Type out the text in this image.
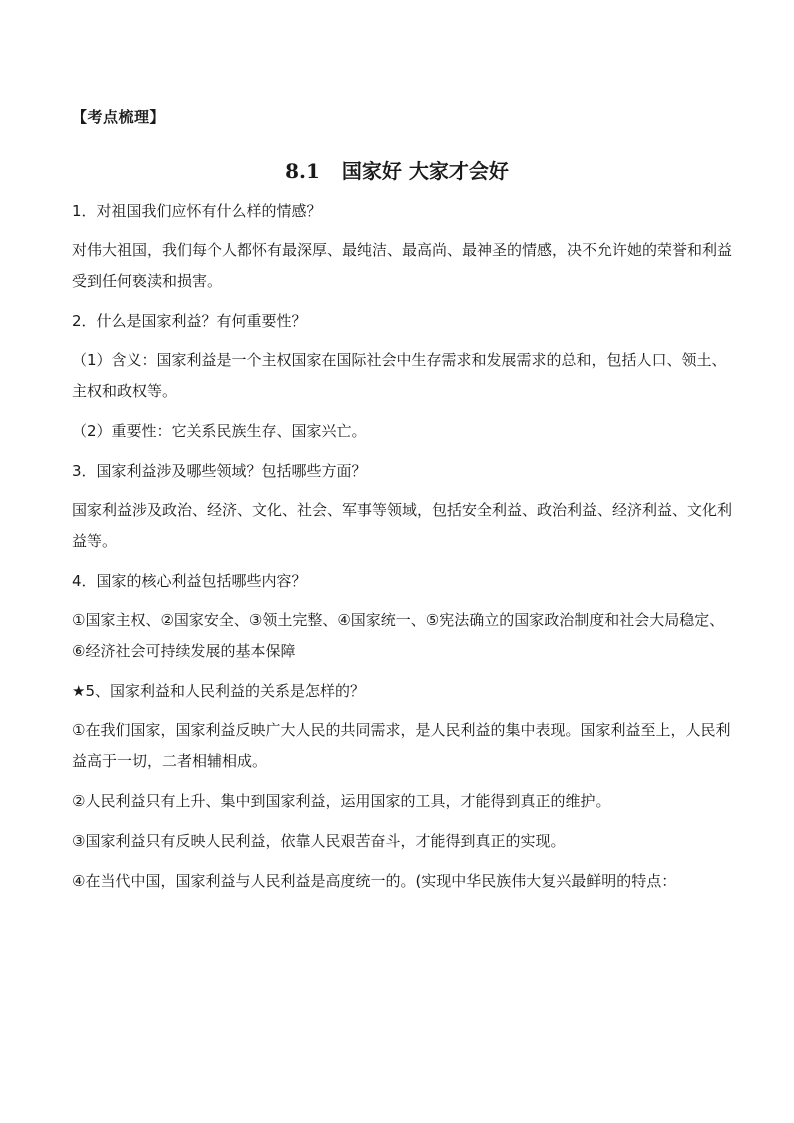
【考点梳理】

8.1 国家好 大家才会好

1．对祖国我们应怀有什么样的情感？

对伟大祖国，我们每个人都怀有最深厚、最纯洁、最高尚、最神圣的情感，决不允许她的荣誉和利益受到任何亵渎和损害。

2．什么是国家利益？有何重要性？

（1）含义：国家利益是一个主权国家在国际社会中生存需求和发展需求的总和，包括人口、领土、主权和政权等。

（2）重要性：它关系民族生存、国家兴亡。

3．国家利益涉及哪些领域？包括哪些方面？

国家利益涉及政治、经济、文化、社会、军事等领域，包括安全利益、政治利益、经济利益、文化利益等。

4．国家的核心利益包括哪些内容？

①国家主权、②国家安全、③领土完整、④国家统一、⑤宪法确立的国家政治制度和社会大局稳定、⑥经济社会可持续发展的基本保障

★5、国家利益和人民利益的关系是怎样的？

①在我们国家，国家利益反映广大人民的共同需求，是人民利益的集中表现。国家利益至上，人民利益高于一切，二者相辅相成。

②人民利益只有上升、集中到国家利益，运用国家的工具，才能得到真正的维护。

③国家利益只有反映人民利益，依靠人民艰苦奋斗，才能得到真正的实现。

④在当代中国，国家利益与人民利益是高度统一的。(实现中华民族伟大复兴最鲜明的特点：
